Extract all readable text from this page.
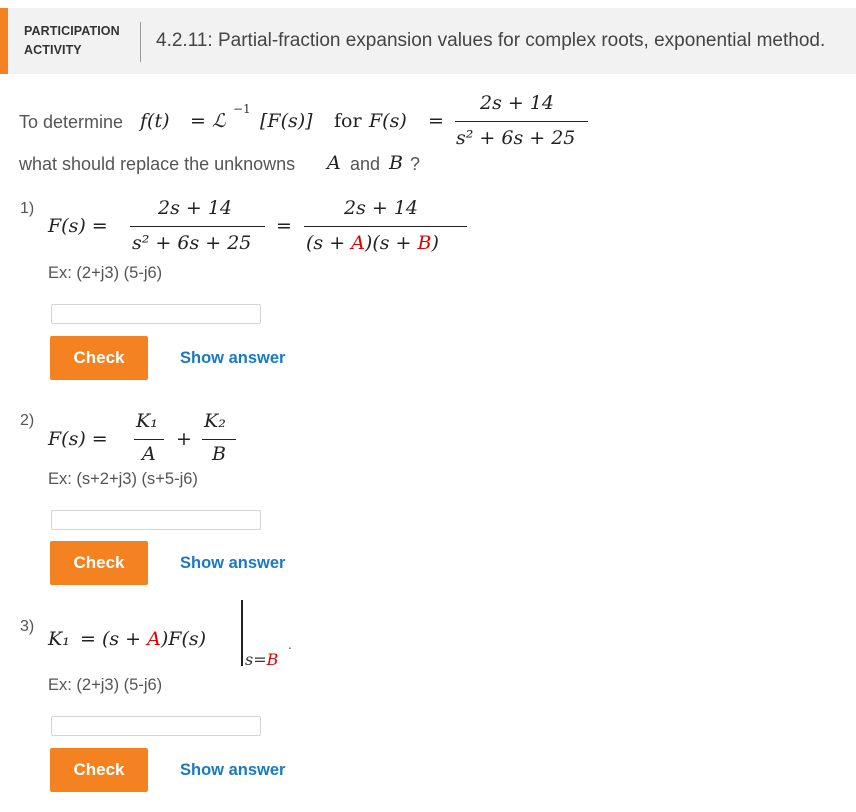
PARTICIPATION ACTIVITY	4.2.11: Partial-fraction expansion values for complex roots, exponential method.
To determine f(t) = ℒ
−1
[F(s)] for F(s) =
2s + 14
s² + 6s + 25
what should replace the unknowns A and B ?
1)
F(s) =
2s + 14
s² + 6s + 25
=
2s + 14
(s + A)(s + B)
Ex: (2+j3) (5-j6)
Check	Show answer
2)
F(s) =
K₁
A
+
K₂
B
Ex: (s+2+j3) (s+5-j6)
Check	Show answer
3)
K₁ = (s + A)F(s)
s=B
.
Ex: (2+j3) (5-j6)
Check	Show answer
